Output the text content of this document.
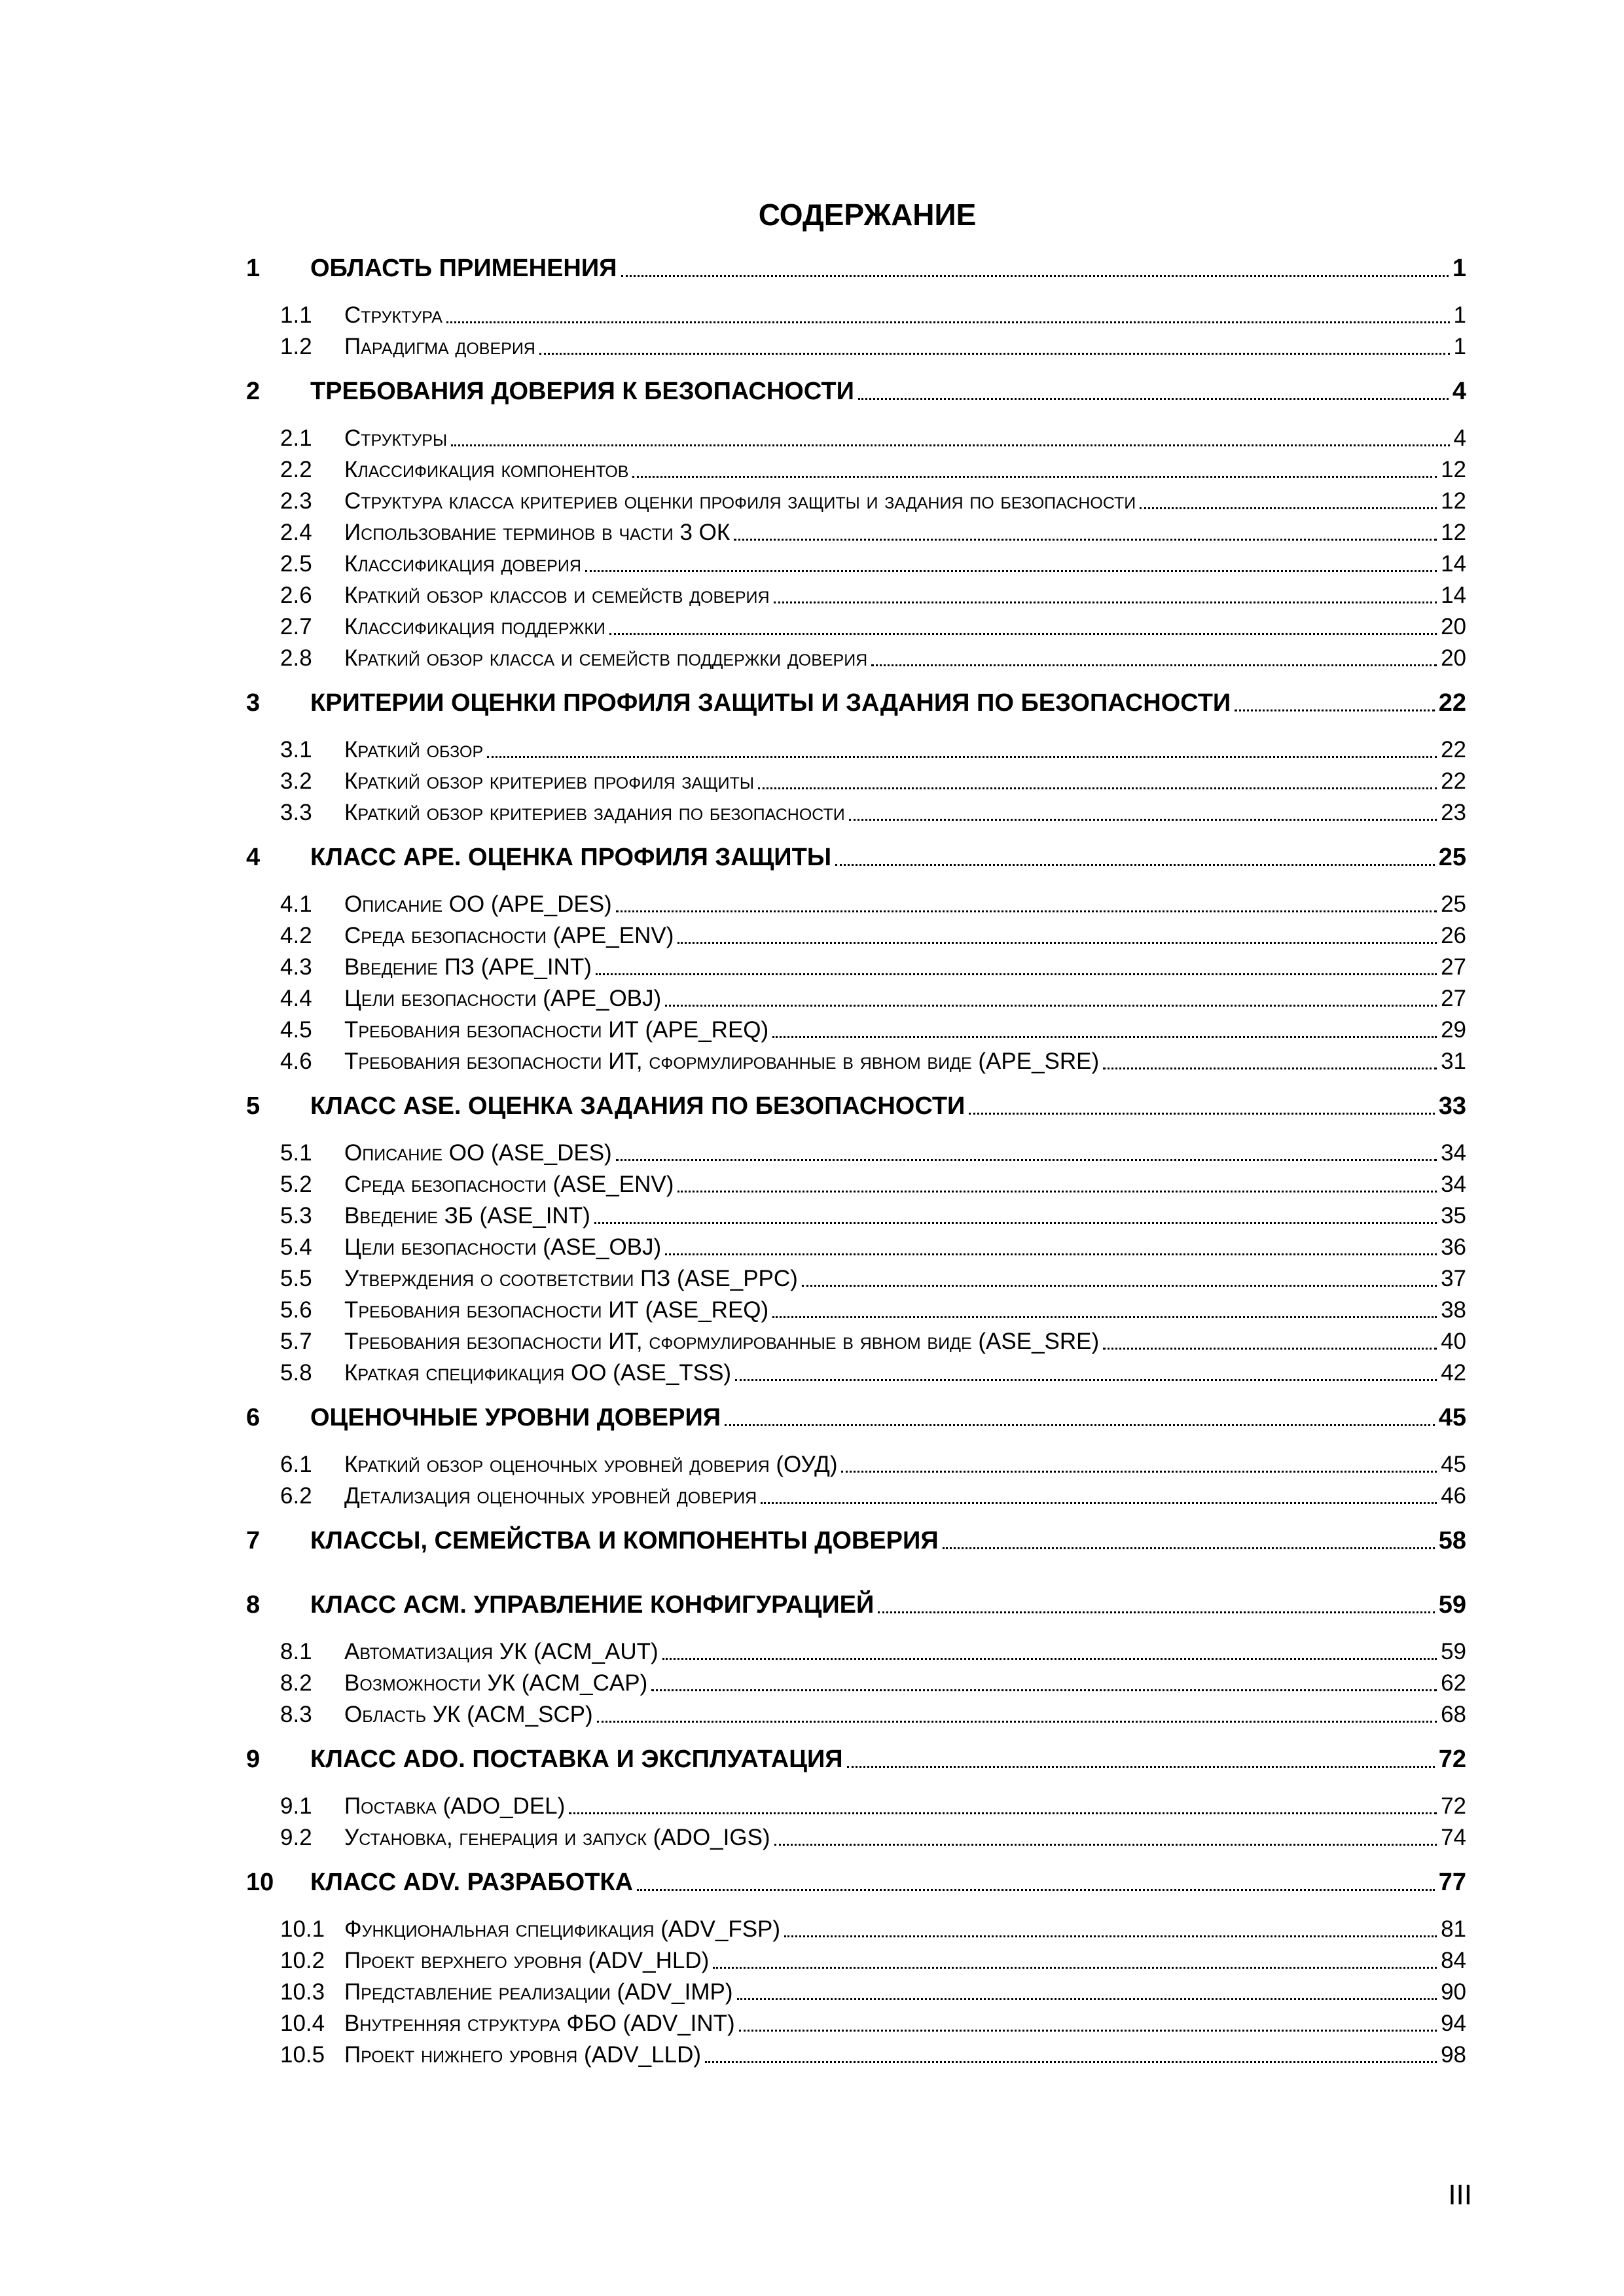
СОДЕРЖАНИЕ
1 ОБЛАСТЬ ПРИМЕНЕНИЯ	1
1.1 Структура	1
1.2 Парадигма доверия	1
2 ТРЕБОВАНИЯ ДОВЕРИЯ К БЕЗОПАСНОСТИ	4
2.1 Структуры	4
2.2 Классификация компонентов	12
2.3 Структура класса критериев оценки профиля защиты и задания по безопасности	12
2.4 Использование терминов в части 3 ОК	12
2.5 Классификация доверия	14
2.6 Краткий обзор классов и семейств доверия	14
2.7 Классификация поддержки	20
2.8 Краткий обзор класса и семейств поддержки доверия	20
3 КРИТЕРИИ ОЦЕНКИ ПРОФИЛЯ ЗАЩИТЫ И ЗАДАНИЯ ПО БЕЗОПАСНОСТИ	22
3.1 Краткий обзор	22
3.2 Краткий обзор критериев профиля защиты	22
3.3 Краткий обзор критериев задания по безопасности	23
4 КЛАСС APE. ОЦЕНКА ПРОФИЛЯ ЗАЩИТЫ	25
4.1 Описание ОО (APE_DES)	25
4.2 Среда безопасности (APE_ENV)	26
4.3 Введение ПЗ (APE_INT)	27
4.4 Цели безопасности (APE_OBJ)	27
4.5 Требования безопасности ИТ (APE_REQ)	29
4.6 Требования безопасности ИТ, сформулированные в явном виде (APE_SRE)	31
5 КЛАСС ASE. ОЦЕНКА ЗАДАНИЯ ПО БЕЗОПАСНОСТИ	33
5.1 Описание ОО (ASE_DES)	34
5.2 Среда безопасности (ASE_ENV)	34
5.3 Введение ЗБ (ASE_INT)	35
5.4 Цели безопасности (ASE_OBJ)	36
5.5 Утверждения о соответствии ПЗ (ASE_PPC)	37
5.6 Требования безопасности ИТ (ASE_REQ)	38
5.7 Требования безопасности ИТ, сформулированные в явном виде (ASE_SRE)	40
5.8 Краткая спецификация ОО (ASE_TSS)	42
6 ОЦЕНОЧНЫЕ УРОВНИ ДОВЕРИЯ	45
6.1 Краткий обзор оценочных уровней доверия (ОУД)	45
6.2 Детализация оценочных уровней доверия	46
7 КЛАССЫ, СЕМЕЙСТВА И КОМПОНЕНТЫ ДОВЕРИЯ	58
8 КЛАСС ACM. УПРАВЛЕНИЕ КОНФИГУРАЦИЕЙ	59
8.1 Автоматизация УК (ACM_AUT)	59
8.2 Возможности УК (ACM_CAP)	62
8.3 Область УК (ACM_SCP)	68
9 КЛАСС ADO. ПОСТАВКА И ЭКСПЛУАТАЦИЯ	72
9.1 Поставка (ADO_DEL)	72
9.2 Установка, генерация и запуск (ADO_IGS)	74
10 КЛАСС ADV. РАЗРАБОТКА	77
10.1 Функциональная спецификация (ADV_FSP)	81
10.2 Проект верхнего уровня (ADV_HLD)	84
10.3 Представление реализации (ADV_IMP)	90
10.4 Внутренняя структура ФБО (ADV_INT)	94
10.5 Проект нижнего уровня (ADV_LLD)	98
III
